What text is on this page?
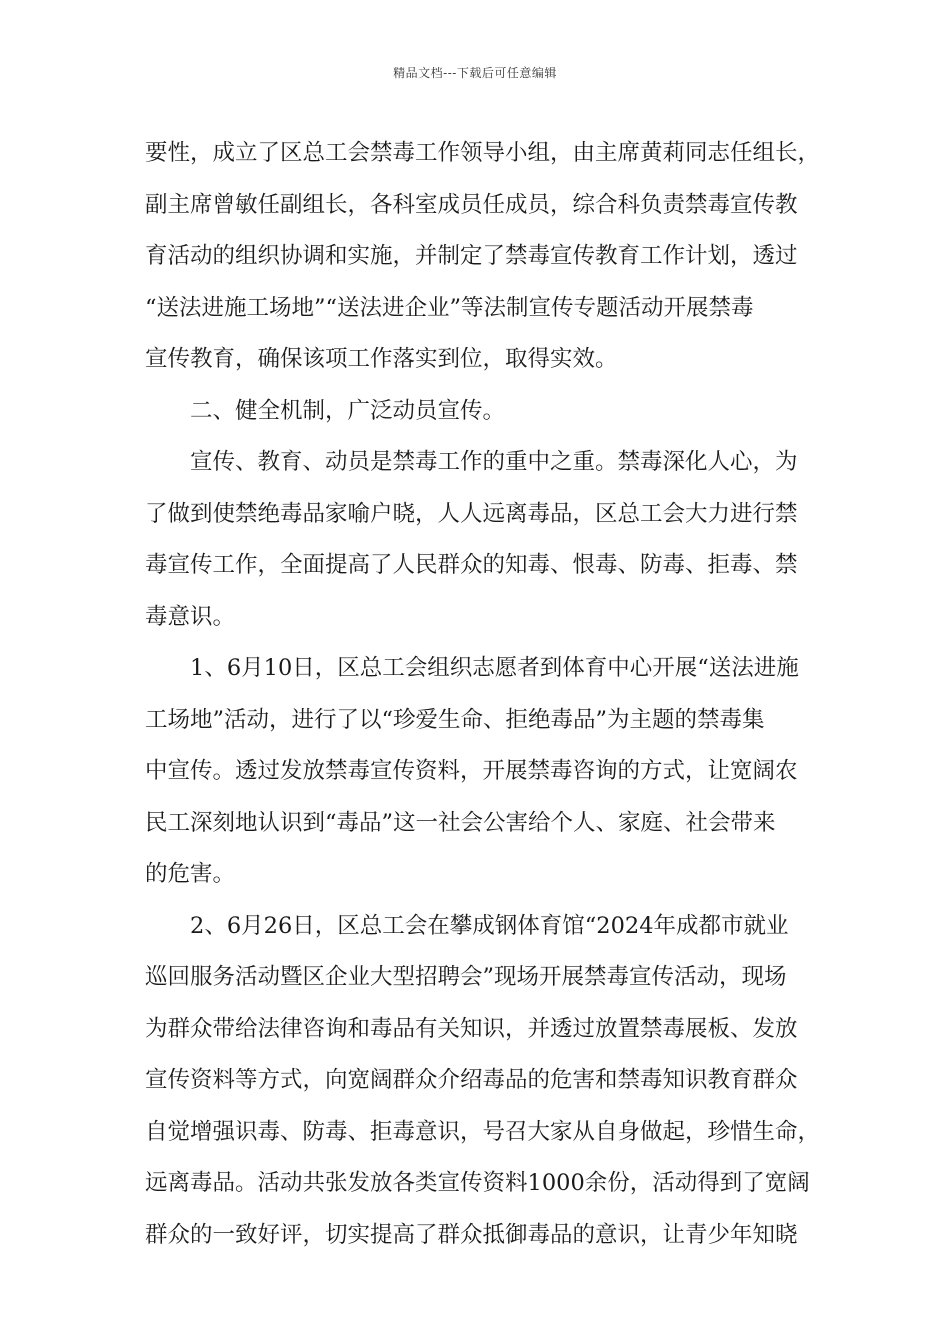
精品文档---下载后可任意编辑
要性，成立了区总工会禁毒工作领导小组，由主席黄莉同志任组长，
副主席曾敏任副组长，各科室成员任成员，综合科负责禁毒宣传教
育活动的组织协调和实施，并制定了禁毒宣传教育工作计划，透过
“送法进施工场地”“送法进企业”等法制宣传专题活动开展禁毒
宣传教育，确保该项工作落实到位，取得实效。
二、健全机制，广泛动员宣传。
宣传、教育、动员是禁毒工作的重中之重。禁毒深化人心，为
了做到使禁绝毒品家喻户晓，人人远离毒品，区总工会大力进行禁
毒宣传工作，全面提高了人民群众的知毒、恨毒、防毒、拒毒、禁
毒意识。
1、6月10日，区总工会组织志愿者到体育中心开展“送法进施
工场地”活动，进行了以“珍爱生命、拒绝毒品”为主题的禁毒集
中宣传。透过发放禁毒宣传资料，开展禁毒咨询的方式，让宽阔农
民工深刻地认识到“毒品”这一社会公害给个人、家庭、社会带来
的危害。
2、6月26日，区总工会在攀成钢体育馆“2024年成都市就业
巡回服务活动暨区企业大型招聘会”现场开展禁毒宣传活动，现场
为群众带给法律咨询和毒品有关知识，并透过放置禁毒展板、发放
宣传资料等方式，向宽阔群众介绍毒品的危害和禁毒知识教育群众
自觉增强识毒、防毒、拒毒意识，号召大家从自身做起，珍惜生命，
远离毒品。活动共张发放各类宣传资料1000余份，活动得到了宽阔
群众的一致好评，切实提高了群众抵御毒品的意识，让青少年知晓
